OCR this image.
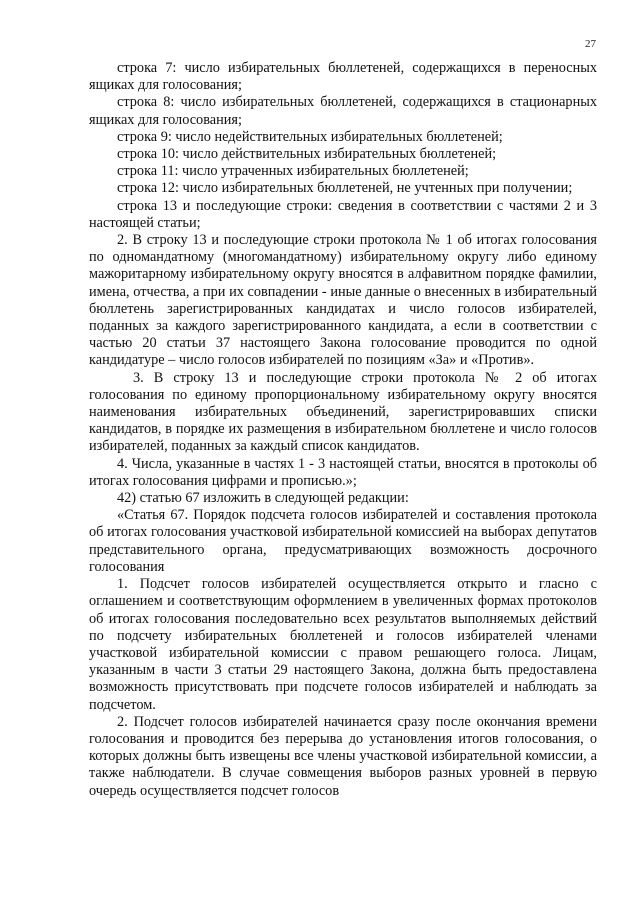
27

строка 7: число избирательных бюллетеней, содержащихся в переносных ящиках для голосования;

строка 8: число избирательных бюллетеней, содержащихся в стационарных ящиках для голосования;

строка 9: число недействительных избирательных бюллетеней;

строка 10: число действительных избирательных бюллетеней;

строка 11: число утраченных избирательных бюллетеней;

строка 12: число избирательных бюллетеней, не учтенных при получении;

строка 13 и последующие строки: сведения в соответствии с частями 2 и 3 настоящей статьи;

2. В строку 13 и последующие строки протокола № 1 об итогах голосования по одномандатному (многомандатному) избирательному округу либо единому мажоритарному избирательному округу вносятся в алфавитном порядке фамилии, имена, отчества, а при их совпадении - иные данные о внесенных в избирательный бюллетень зарегистрированных кандидатах и число голосов избирателей, поданных за каждого зарегистрированного кандидата, а если в соответствии с частью 20 статьи 37 настоящего Закона голосование проводится по одной кандидатуре – число голосов избирателей по позициям «За» и «Против».

3. В строку 13 и последующие строки протокола № 2 об итогах голосования по единому пропорциональному избирательному округу вносятся наименования избирательных объединений, зарегистрировавших списки кандидатов, в порядке их размещения в избирательном бюллетене и число голосов избирателей, поданных за каждый список кандидатов.

4. Числа, указанные в частях 1 - 3 настоящей статьи, вносятся в протоколы об итогах голосования цифрами и прописью.»;

42) статью 67 изложить в следующей редакции:

«Статья 67. Порядок подсчета голосов избирателей и составления протокола об итогах голосования участковой избирательной комиссией на выборах депутатов представительного органа, предусматривающих возможность досрочного голосования

1. Подсчет голосов избирателей осуществляется открыто и гласно с оглашением и соответствующим оформлением в увеличенных формах протоколов об итогах голосования последовательно всех результатов выполняемых действий по подсчету избирательных бюллетеней и голосов избирателей членами участковой избирательной комиссии с правом решающего голоса. Лицам, указанным в части 3 статьи 29 настоящего Закона, должна быть предоставлена возможность присутствовать при подсчете голосов избирателей и наблюдать за подсчетом.

2. Подсчет голосов избирателей начинается сразу после окончания времени голосования и проводится без перерыва до установления итогов голосования, о которых должны быть извещены все члены участковой избирательной комиссии, а также наблюдатели. В случае совмещения выборов разных уровней в первую очередь осуществляется подсчет голосов
